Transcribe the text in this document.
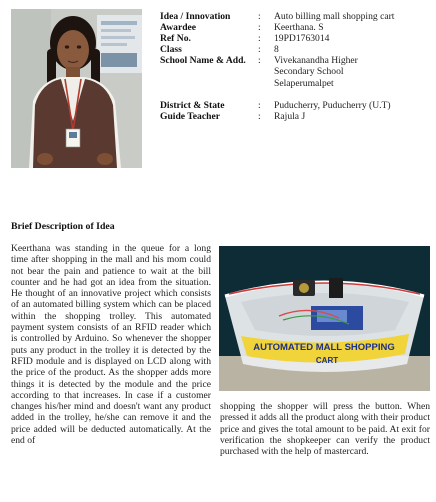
Idea / Innovation	:	Auto billing mall shopping cart
Awardee	:	Keerthana. S
Ref No.	:	19PD1763014
Class	:	8
School Name & Add.	:	Vivekanandha Higher
Secondary School
Selaperumalpet
District & State	:	Puducherry, Puducherry (U.T)
Guide Teacher	:	Rajula J
Brief Description of Idea

Keerthana was standing in the queue for a long time after shopping in the mall and his mom could not bear the pain and patience to wait at the bill counter and he had got an idea from the situation. He thought of an innovative project which consists of an automated billing system which can be placed within the shopping trolley. This automated payment system consists of an RFID reader which is controlled by Arduino. So whenever the shopper puts any product in the trolley it is detected by the RFID module and is displayed on LCD along with the price of the product. As the shopper adds more things it is detected by the module and the price according to that increases. In case if a customer changes his/her mind and doesn't want any product added in the trolley, he/she can remove it and the price added will be deducted automatically. At the end of

AUTOMATED MALL SHOPPING
CART

shopping the shopper will press the button. When pressed it adds all the product along with their product price and gives the total amount to be paid. At exit for verification the shopkeeper can verify the product purchased with the help of mastercard.
